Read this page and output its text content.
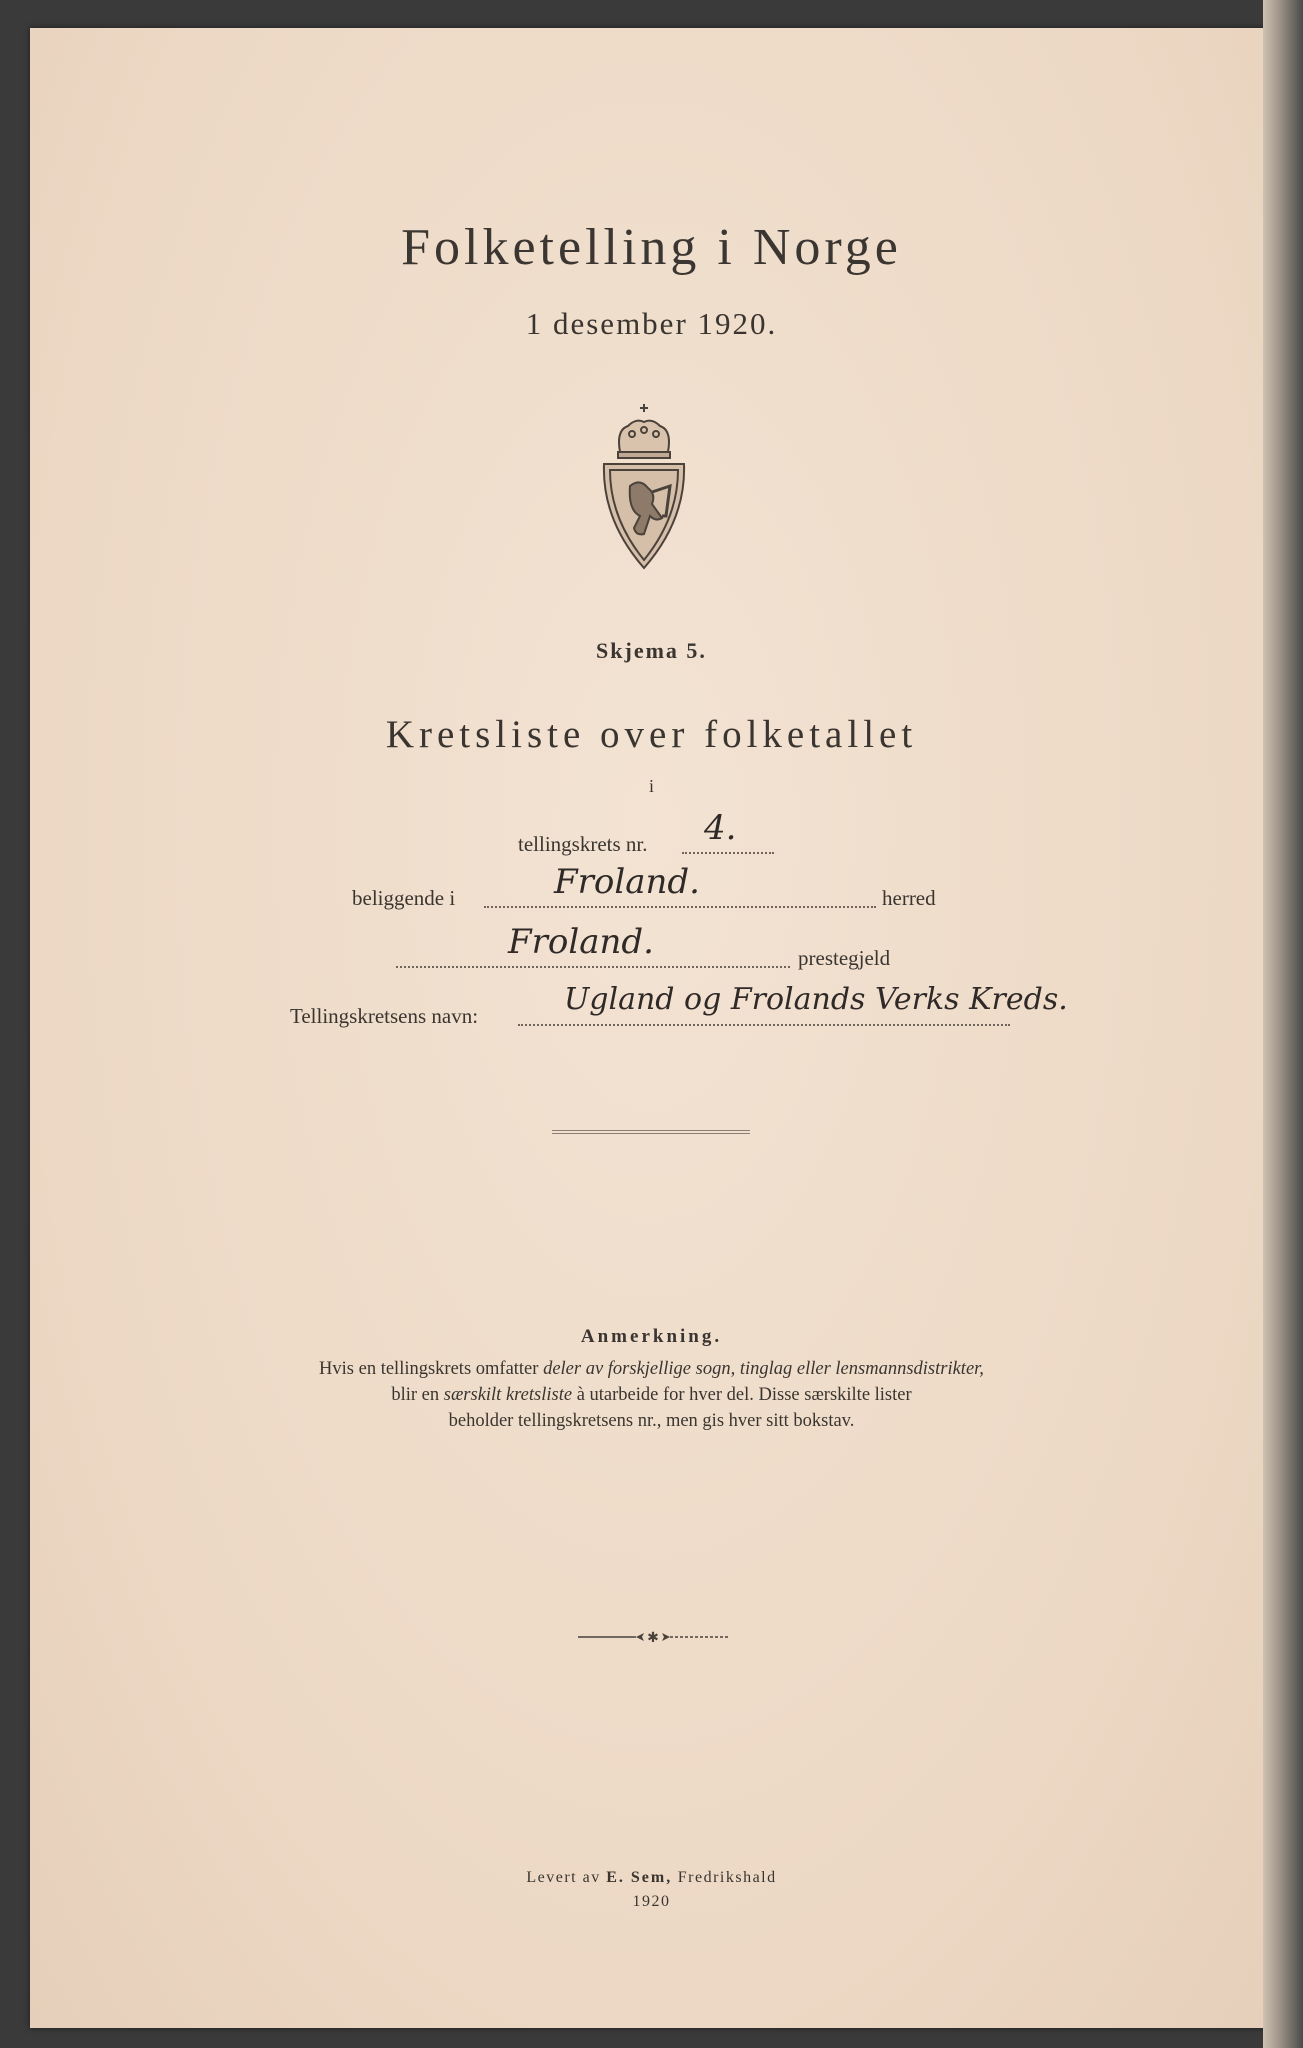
Folketelling i Norge
1 desember 1920.
Skjema 5.
Kretsliste over folketallet
i
tellingskrets nr. 4.
beliggende i	Froland.	herred
Froland.	prestegjeld
Tellingskretsens navn:	Ugland og Frolands Verks Kreds.
Anmerkning.
Hvis en tellingskrets omfatter deler av forskjellige sogn, tinglag eller lensmannsdistrikter,
blir en særskilt kretsliste à utarbeide for hver del. Disse særskilte lister
beholder tellingskretsens nr., men gis hver sitt bokstav.
✱
Levert av E. Sem, Fredrikshald
1920
